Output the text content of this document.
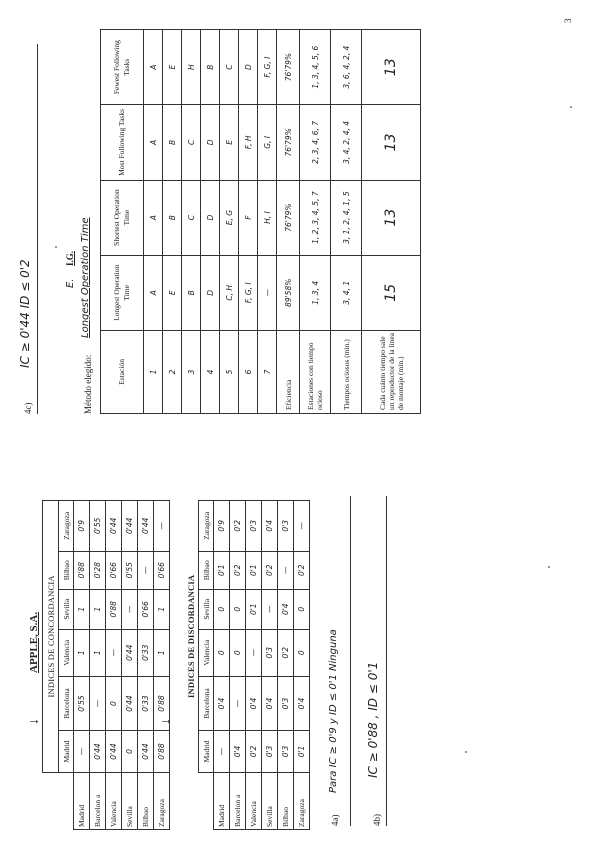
APPLE, S.A.
	INDICES DE CONCORDANCIA					
	Madrid	Barcelona	Valencia	Sevilla	Bilbao	Zaragoza
Madrid	—	0'55	1	1	0'88	0'9
Barcelon a	0'44	—	1	1	0'28	0'55
Valencia	0'44	0	—	0'88	0'66	0'44
Sevilla	0	0'44	0'44	—	0'55	0'44
Bilbao	0'44	0'33	0'33	0'66	—	0'44
Zaragoza	0'88	0'88	1	1	0'66	—
	INDICES DE DISCORDANCIA					
	Madrid	Barcelona	Valencia	Sevilla	Bilbao	Zaragoza
Madrid	—	0'4	0	0	0'1	0'9
Barcelon a	0'4	—	0	0	0'2	0'2
Valencia	0'2	0'4	—	0'1	0'1	0'3
Sevilla	0'3	0'4	0'3	—	0'2	0'4
Bilbao	0'3	0'3	0'2	0'4	—	0'3
Zaragoza	0'1	0'4	0	0	0'2	—
→	→
4a)
Para IC ≥ 0'9 y ID ≤ 0'1 Ninguna
4b)
IC ≥ 0'88 , ID ≤ 0'1
4c)
IC ≥ 0'44 ID ≤ 0'2	E.
I.G.
Método elegido:
Longest Operation Time
Estación	Longest Operation Time	Shortest Operation Time	Most Following Tasks	Fewest Following Tasks
1	A	A	A	A
2	E	B	B	E
3	B	C	C	H
4	D	D	D	B
5	C, H	E, G	E	C
6	F, G, I	F	F, H	D
7	—	H, I	G, I	F, G, I
Eficiencia	89'58%	76'79%	76'79%	76'79%
Estaciones con tiempo ocioso	1, 3, 4	1, 2, 3, 4, 5, 7	2, 3, 4, 6, 7	1, 3, 4, 5, 6
Tiempos ociosos (min.)	3, 4, 1	3, 1, 2, 4, 1, 5	3, 4, 2, 4, 4	3, 6, 4, 2, 4
Cada cuánto tiempo sale un reproductor de la línea de montaje (min.)	15	13	13	13
3
